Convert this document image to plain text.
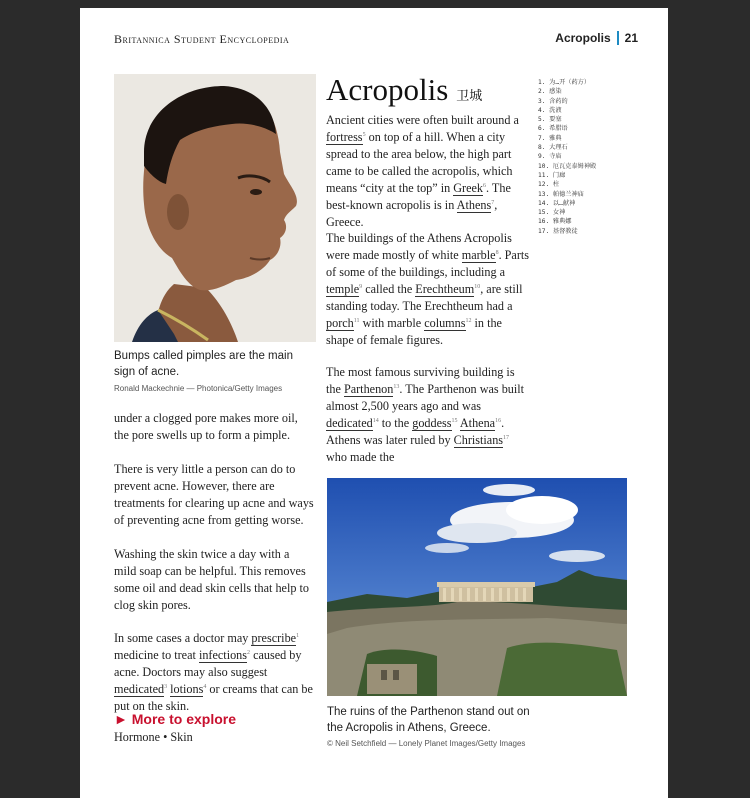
Britannica Student Encyclopedia	Acropolis 21
Bumps called pimples are the main sign of acne.
Ronald Mackechnie — Photonica/Getty Images

under a clogged pore makes more oil, the pore swells up to form a pimple.

There is very little a person can do to prevent acne. However, there are treatments for clearing up acne and ways of preventing acne from getting worse.

Washing the skin twice a day with a mild soap can be helpful. This removes some oil and dead skin cells that help to clog skin pores.

In some cases a doctor may prescribe$^1$ medicine to treat infections$^2$ caused by acne. Doctors may also suggest medicated$^3$ lotions$^4$ or creams that can be put on the skin.

► More to explore
Hormone • Skin
Acropolis 卫城

Ancient cities were often built around a fortress$^5$ on top of a hill. When a city spread to the area below, the high part came to be called the acropolis, which means “city at the top” in Greek$^6$. The best-known acropolis is in Athens$^7$, Greece.

The buildings of the Athens Acropolis were made mostly of white marble$^8$. Parts of some of the buildings, including a temple$^9$ called the Erechtheum$^{10}$, are still standing today. The Erechtheum had a porch$^{11}$ with marble columns$^{12}$ in the shape of female figures.

The most famous surviving building is the Parthenon$^{13}$. The Parthenon was built almost 2,500 years ago and was dedicated$^{14}$ to the goddess$^{15}$ Athena$^{16}$. Athens was later ruled by Christians$^{17}$ who made the

1. 为…开（药方）
2. 感染
3. 含药的
4. 洗液
5. 要塞
6. 希腊语
7. 雅典
8. 大理石
9. 寺庙
10. 厄瓦克泰姆神殿
11. 门廊
12. 柱
13. 帕德兰神庙
14. 以…献神
15. 女神
16. 雅典娜
17. 基督教徒
The ruins of the Parthenon stand out on the Acropolis in Athens, Greece.
© Neil Setchfield — Lonely Planet Images/Getty Images
